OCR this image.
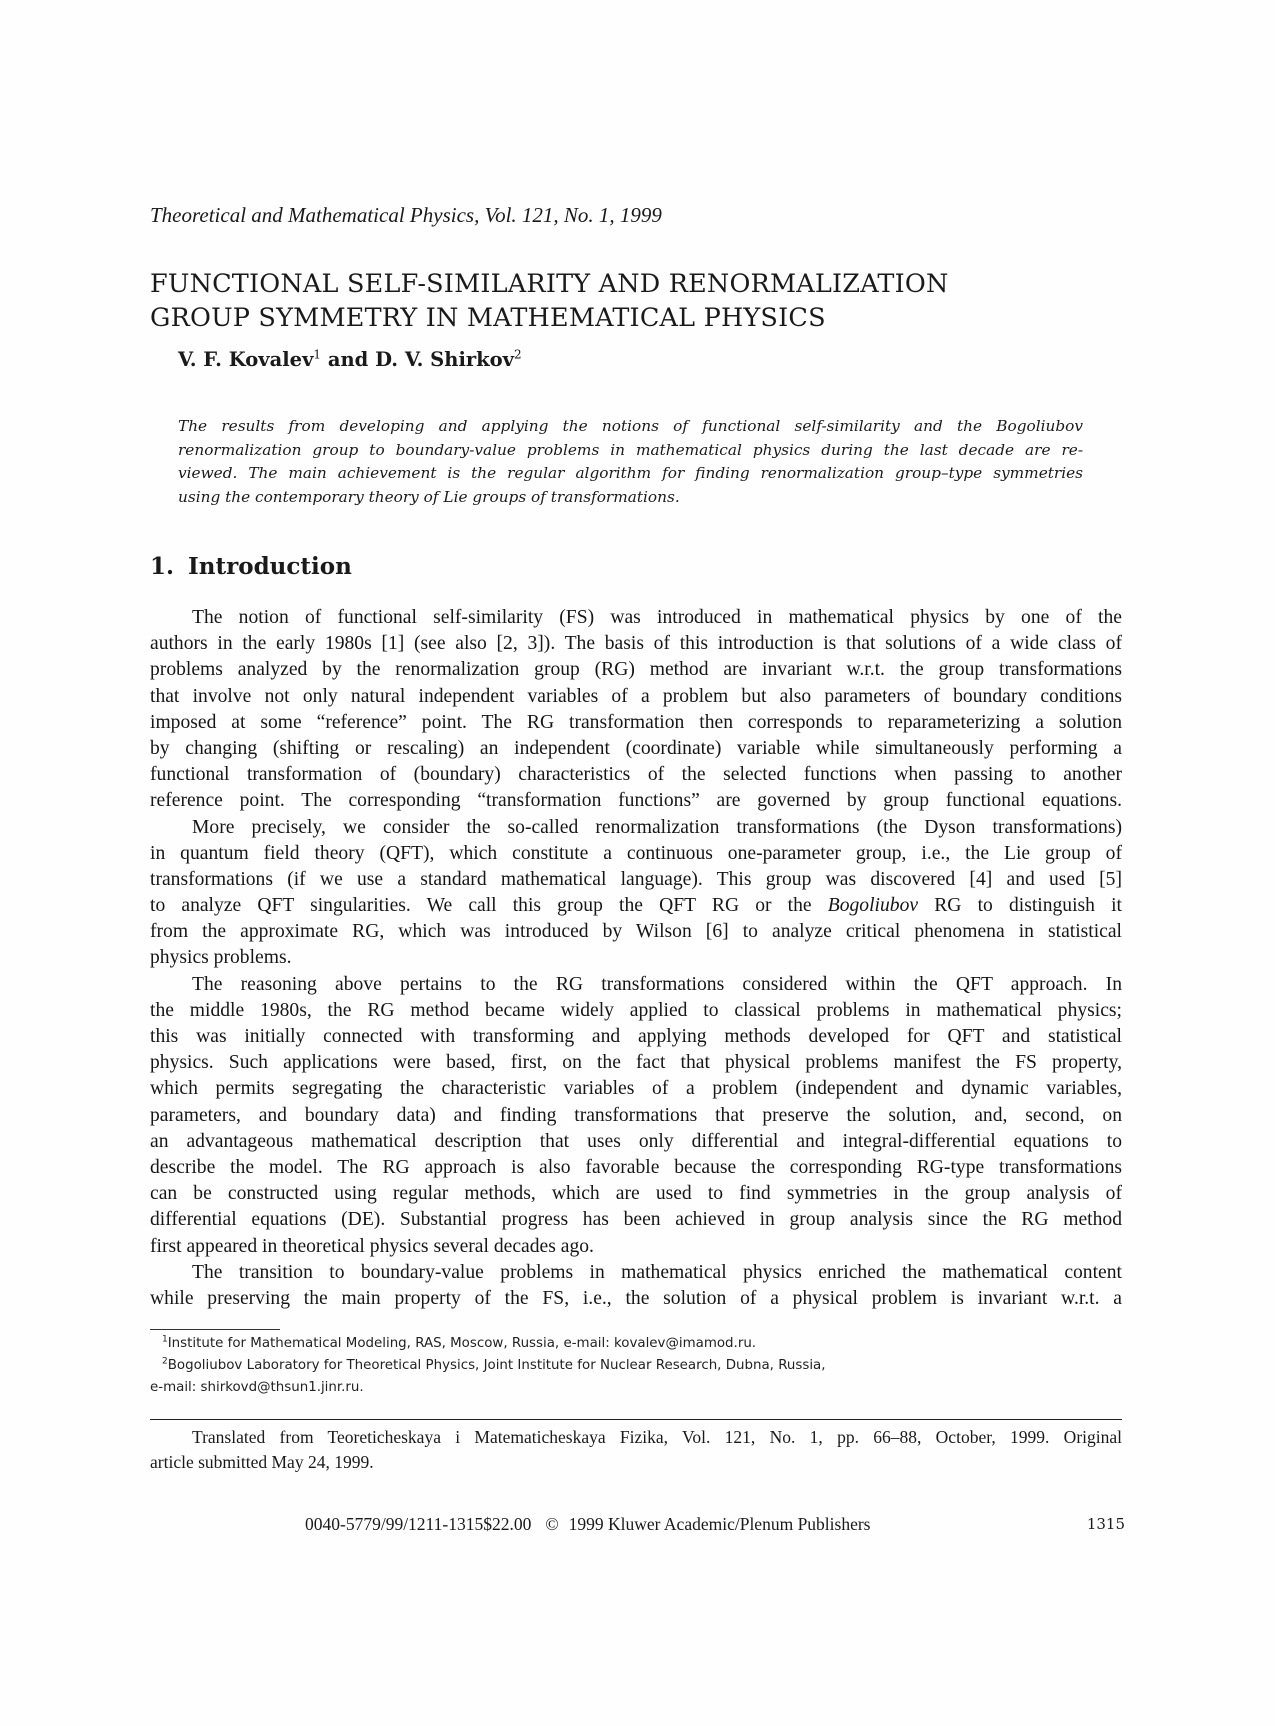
Theoretical and Mathematical Physics, Vol. 121, No. 1, 1999
FUNCTIONAL SELF-SIMILARITY AND RENORMALIZATION
GROUP SYMMETRY IN MATHEMATICAL PHYSICS
V. F. Kovalev$^1$ and D. V. Shirkov$^2$
The results from developing and applying the notions of functional self-similarity and the Bogoliubov
renormalization group to boundary-value problems in mathematical physics during the last decade are re-
viewed. The main achievement is the regular algorithm for finding renormalization group–type symmetries
using the contemporary theory of Lie groups of transformations.
1. Introduction
The notion of functional self-similarity (FS) was introduced in mathematical physics by one of the
authors in the early 1980s [1] (see also [2, 3]). The basis of this introduction is that solutions of a wide class of
problems analyzed by the renormalization group (RG) method are invariant w.r.t. the group transformations
that involve not only natural independent variables of a problem but also parameters of boundary conditions
imposed at some “reference” point. The RG transformation then corresponds to reparameterizing a solution
by changing (shifting or rescaling) an independent (coordinate) variable while simultaneously performing a
functional transformation of (boundary) characteristics of the selected functions when passing to another
reference point. The corresponding “transformation functions” are governed by group functional equations.
More precisely, we consider the so-called renormalization transformations (the Dyson transformations)
in quantum field theory (QFT), which constitute a continuous one-parameter group, i.e., the Lie group of
transformations (if we use a standard mathematical language). This group was discovered [4] and used [5]
to analyze QFT singularities. We call this group the QFT RG or the Bogoliubov RG to distinguish it
from the approximate RG, which was introduced by Wilson [6] to analyze critical phenomena in statistical
physics problems.
The reasoning above pertains to the RG transformations considered within the QFT approach. In
the middle 1980s, the RG method became widely applied to classical problems in mathematical physics;
this was initially connected with transforming and applying methods developed for QFT and statistical
physics. Such applications were based, first, on the fact that physical problems manifest the FS property,
which permits segregating the characteristic variables of a problem (independent and dynamic variables,
parameters, and boundary data) and finding transformations that preserve the solution, and, second, on
an advantageous mathematical description that uses only differential and integral-differential equations to
describe the model. The RG approach is also favorable because the corresponding RG-type transformations
can be constructed using regular methods, which are used to find symmetries in the group analysis of
differential equations (DE). Substantial progress has been achieved in group analysis since the RG method
first appeared in theoretical physics several decades ago.
The transition to boundary-value problems in mathematical physics enriched the mathematical content
while preserving the main property of the FS, i.e., the solution of a physical problem is invariant w.r.t. a
$^1$Institute for Mathematical Modeling, RAS, Moscow, Russia, e-mail: kovalev@imamod.ru.
$^2$Bogoliubov Laboratory for Theoretical Physics, Joint Institute for Nuclear Research, Dubna, Russia,
e-mail: shirkovd@thsun1.jinr.ru.
Translated from Teoreticheskaya i Matematicheskaya Fizika, Vol. 121, No. 1, pp. 66–88, October, 1999. Original
article submitted May 24, 1999.
0040-5779/99/1211-1315$22.00 © 1999 Kluwer Academic/Plenum Publishers	1315
